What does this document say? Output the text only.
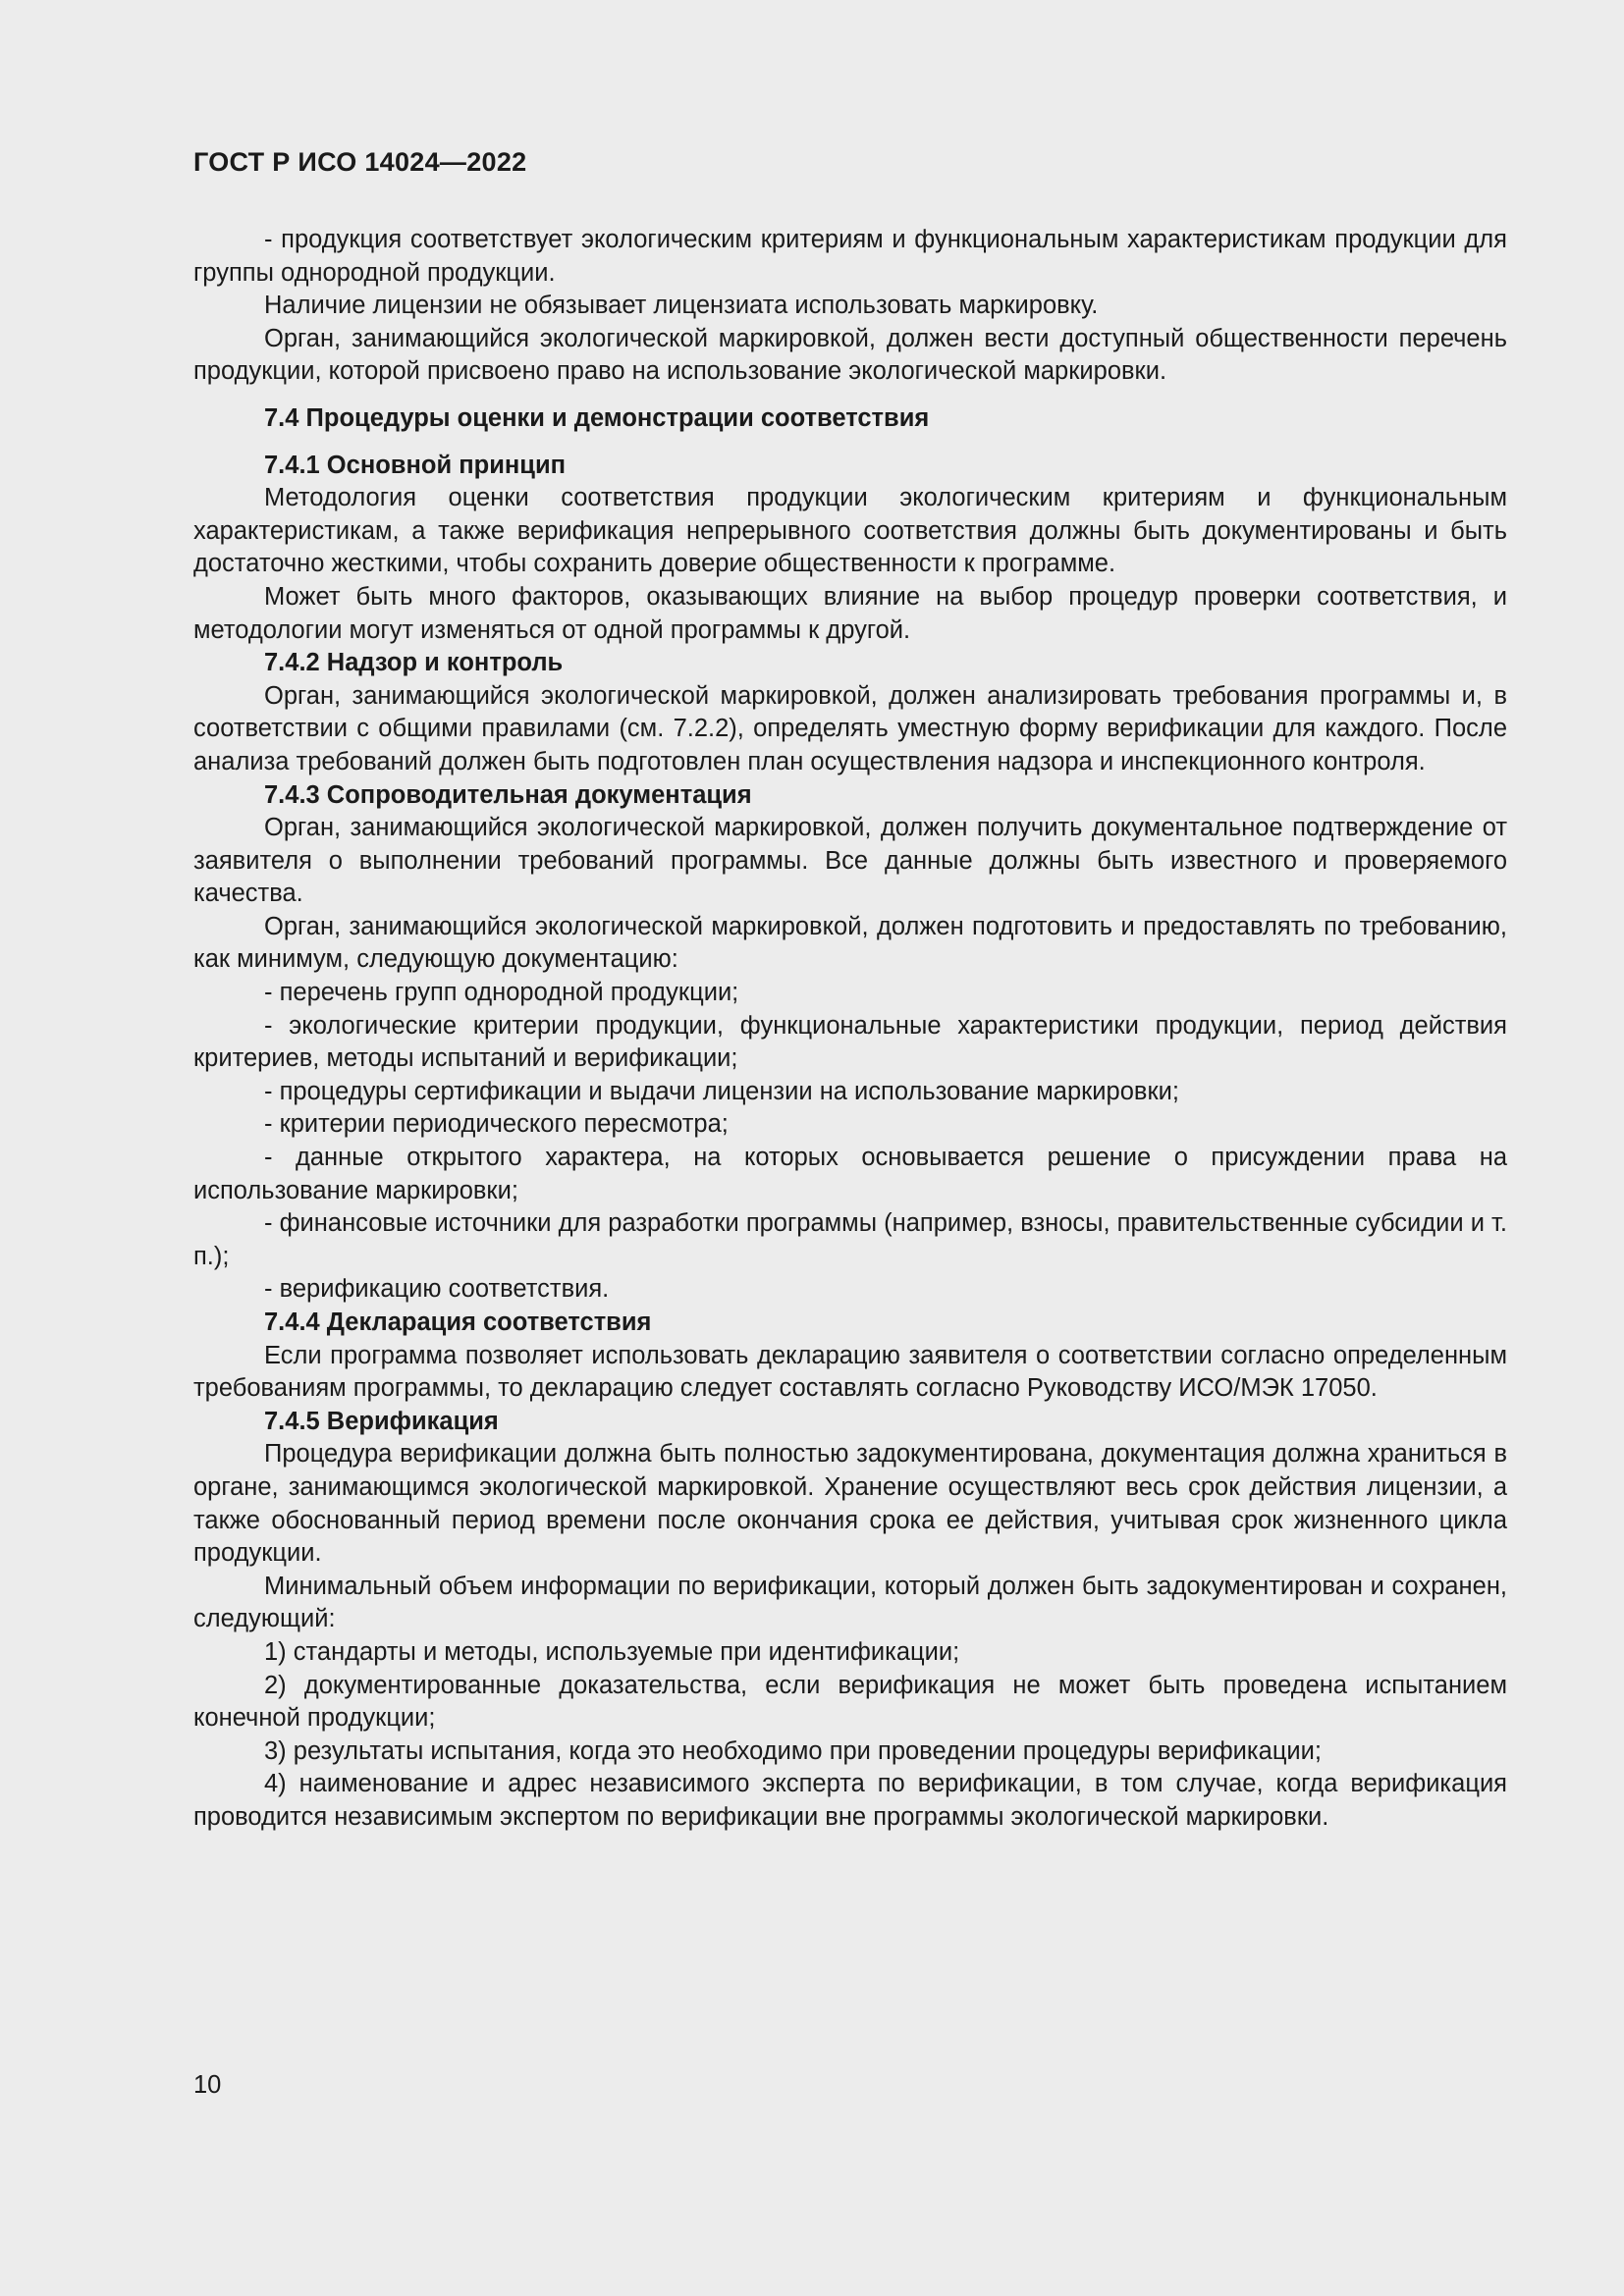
ГОСТ Р ИСО 14024—2022

- продукция соответствует экологическим критериям и функциональным характеристикам продукции для группы однородной продукции.

Наличие лицензии не обязывает лицензиата использовать маркировку.

Орган, занимающийся экологической маркировкой, должен вести доступный общественности перечень продукции, которой присвоено право на использование экологической маркировки.

7.4 Процедуры оценки и демонстрации соответствия

7.4.1 Основной принцип

Методология оценки соответствия продукции экологическим критериям и функциональным характеристикам, а также верификация непрерывного соответствия должны быть документированы и быть достаточно жесткими, чтобы сохранить доверие общественности к программе.

Может быть много факторов, оказывающих влияние на выбор процедур проверки соответствия, и методологии могут изменяться от одной программы к другой.

7.4.2 Надзор и контроль

Орган, занимающийся экологической маркировкой, должен анализировать требования программы и, в соответствии с общими правилами (см. 7.2.2), определять уместную форму верификации для каждого. После анализа требований должен быть подготовлен план осуществления надзора и инспекционного контроля.

7.4.3 Сопроводительная документация

Орган, занимающийся экологической маркировкой, должен получить документальное подтверждение от заявителя о выполнении требований программы. Все данные должны быть известного и проверяемого качества.

Орган, занимающийся экологической маркировкой, должен подготовить и предоставлять по требованию, как минимум, следующую документацию:

- перечень групп однородной продукции;

- экологические критерии продукции, функциональные характеристики продукции, период действия критериев, методы испытаний и верификации;

- процедуры сертификации и выдачи лицензии на использование маркировки;

- критерии периодического пересмотра;

- данные открытого характера, на которых основывается решение о присуждении права на использование маркировки;

- финансовые источники для разработки программы (например, взносы, правительственные субсидии и т. п.);

- верификацию соответствия.

7.4.4 Декларация соответствия

Если программа позволяет использовать декларацию заявителя о соответствии согласно определенным требованиям программы, то декларацию следует составлять согласно Руководству ИСО/МЭК 17050.

7.4.5 Верификация

Процедура верификации должна быть полностью задокументирована, документация должна храниться в органе, занимающимся экологической маркировкой. Хранение осуществляют весь срок действия лицензии, а также обоснованный период времени после окончания срока ее действия, учитывая срок жизненного цикла продукции.

Минимальный объем информации по верификации, который должен быть задокументирован и сохранен, следующий:

1) стандарты и методы, используемые при идентификации;

2) документированные доказательства, если верификация не может быть проведена испытанием конечной продукции;

3) результаты испытания, когда это необходимо при проведении процедуры верификации;

4) наименование и адрес независимого эксперта по верификации, в том случае, когда верификация проводится независимым экспертом по верификации вне программы экологической маркировки.

10
